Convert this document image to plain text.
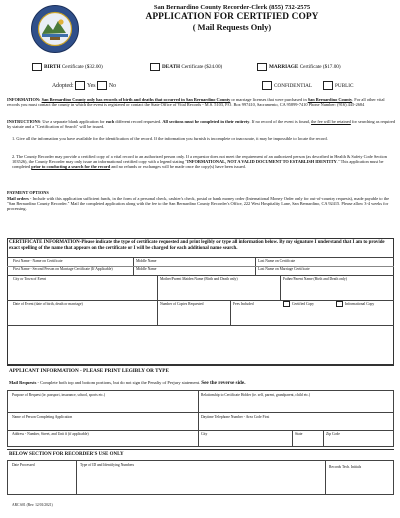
San Bernardino County Recorder-Clerk (855) 732-2575
APPLICATION FOR CERTIFIED COPY
( Mail Requests Only)
BIRTH
Certificate ($32.00)	DEATH
Certificate ($24.00)	MARRIAGE
Certificate ($17.00)
Adopted:
Yes
No	CONFIDENTIAL	PUBLIC
INFORMATION: San Bernardino County only has records of birth and deaths that occurred in San Bernardino County or marriage licenses that were purchased in San Bernardino County. For all other vital records you must contact the county in which the event is registered or contact the State Office of Vital Records - M.S. 5103, P.O. Box 997410, Sacramento, CA 95899-7410 Phone Number: (916) 445-2684
INSTRUCTIONS: Use a separate blank application for each different record requested. All sections must be completed in their entirety. If no record of the event is found, the fee will be retained for searching as required by statute and a "Certification of Search" will be issued.
1. Give all the information you have available for the identification of the record. If the information you furnish is incomplete or inaccurate, it may be impossible to locate the record.
2. The County Recorder may provide a certified copy of a vital record to an authorized person only. If a requestor does not meet the requirement of an authorized person (as described in Health & Safety Code Section 103526), the County Recorder may only issue an informational certified copy with a legend stating "INFORMATIONAL, NOT A VALID DOCUMENT TO ESTABLISH IDENTITY." This application must be completed prior to conducting a search for the record and no refunds or exchanges will be made once the copy(s) have been issued.
PAYMENT OPTIONS
Mail orders - Include with this application sufficient funds, in the form of a personal check, cashier's check, postal or bank money order (International Money Order only for out-of-country requests), made payable to the "San Bernardino County Recorder." Mail the completed application along with the fee to the San Bernardino County Recorder's Office, 222 West Hospitality Lane, San Bernardino, CA 92415. Please allow 3-4 weeks for processing.
CERTIFICATE INFORMATION-Please indicate the type of certificate requested and print legibly or type all information below. By my signature I understand that I am to provide exact spelling of the name that appears on the certificate or I will be charged for each additional name search.
First Name - Name on Certificate	Middle Name	Last Name on Certificate
First Name - Second Person on Marriage Certificate (If Applicable)	Middle Name	Last Name on Marriage Certificate
City or Town of Event	Mother/Parent Maiden Name (Birth and Death only)	Father/Parent Name (Birth and Death only)
Date of Event (date of birth, death or marriage)	Number of Copies Requested	Fees Included	Certified Copy	Informational Copy
APPLICANT INFORMATION - PLEASE PRINT LEGIBLY OR TYPE
Mail Requests - Complete both top and bottom portions, but do not sign the Penalty of Perjury statement. See the reverse side.
Purpose of Request (ie. passport, insurance, school, sports etc.)	Relationship to Certificate Holder (ie. self, parent, grandparent, child etc.)
Name of Person Completing Application	Daytime Telephone Number - Area Code First
Address - Number, Street, and Unit # (if applicable)	City	State	Zip Code
BELOW SECTION FOR RECORDER'S USE ONLY
Date Processed	Type of ID and Identifying Numbers	Records Tech. Initials
ARC 601 (Rev. 12/01/2021)
